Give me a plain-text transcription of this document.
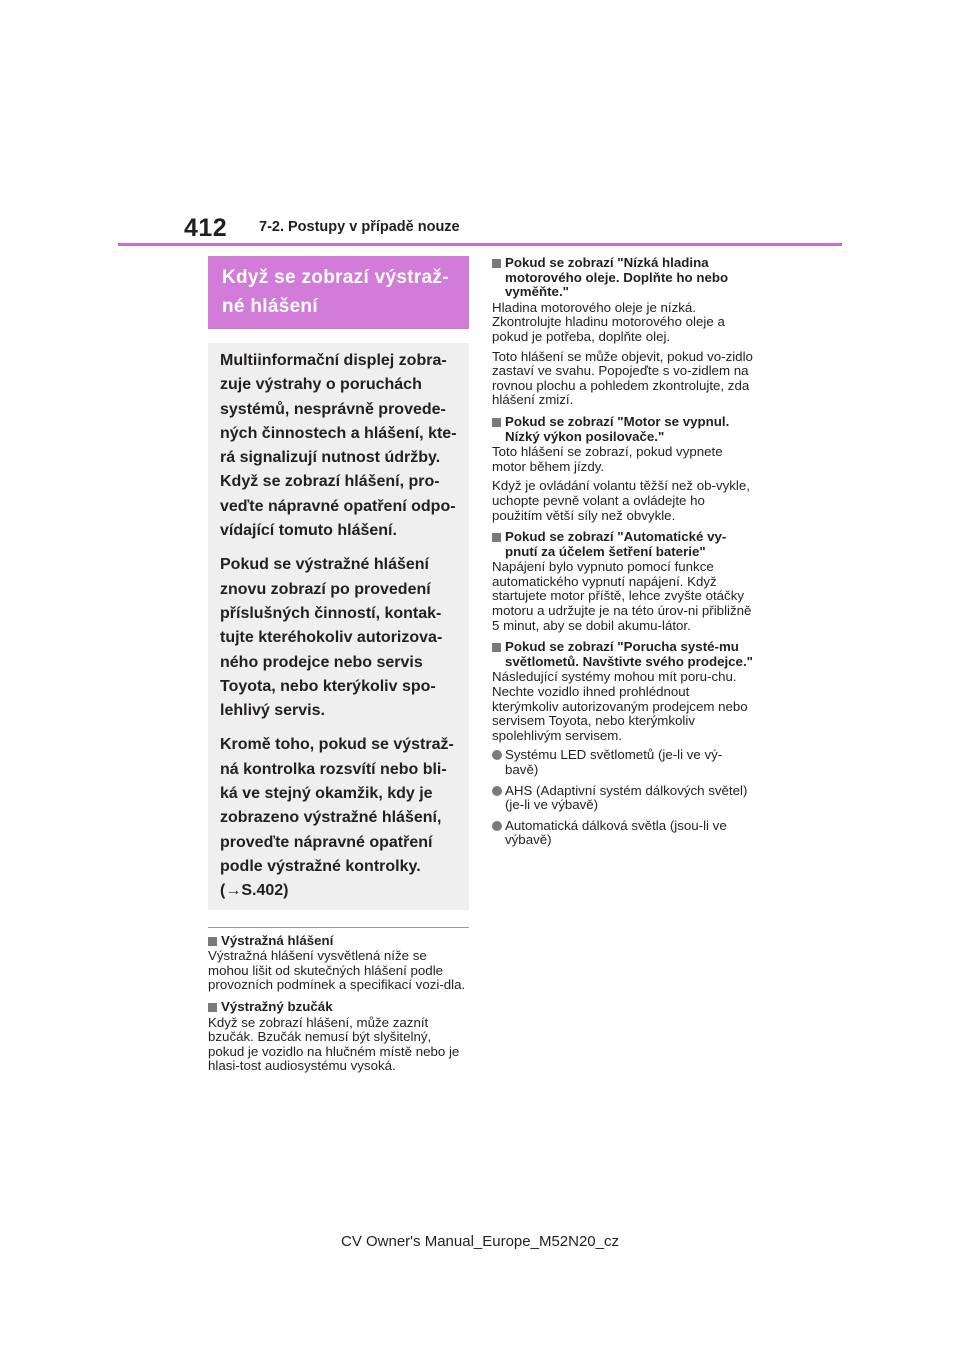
412 7-2. Postupy v případě nouze
Když se zobrazí výstraž-né hlášení

Multiinformační displej zobra-zuje výstrahy o poruchách systémů, nesprávně provede-ných činnostech a hlášení, kte-rá signalizují nutnost údržby. Když se zobrazí hlášení, pro-veďte nápravné opatření odpo-vídající tomuto hlášení.

Pokud se výstražné hlášení znovu zobrazí po provedení příslušných činností, kontak-tujte kteréhokoliv autorizova-ného prodejce nebo servis Toyota, nebo kterýkoliv spo-lehlivý servis.

Kromě toho, pokud se výstraž-ná kontrolka rozsvítí nebo bli-ká ve stejný okamžik, kdy je zobrazeno výstražné hlášení, proveďte nápravné opatření podle výstražné kontrolky. (→S.402)

Výstražná hlášení
Výstražná hlášení vysvětlená níže se mohou lišit od skutečných hlášení podle provozních podmínek a specifikací vozi-dla.
Výstražný bzučák
Když se zobrazí hlášení, může zaznít bzučák. Bzučák nemusí být slyšitelný, pokud je vozidlo na hlučném místě nebo je hlasi-tost audiosystému vysoká.
Pokud se zobrazí "Nízká hladina motorového oleje. Doplňte ho nebo vyměňte."
Hladina motorového oleje je nízká. Zkontrolujte hladinu motorového oleje a pokud je potřeba, doplňte olej.
Toto hlášení se může objevit, pokud vo-zidlo zastaví ve svahu. Popojeďte s vo-zidlem na rovnou plochu a pohledem zkontrolujte, zda hlášení zmizí.
Pokud se zobrazí "Motor se vypnul. Nízký výkon posilovače."
Toto hlášení se zobrazí, pokud vypnete motor během jízdy.
Když je ovládání volantu těžší než ob-vykle, uchopte pevně volant a ovládejte ho použitím větší síly než obvykle.
Pokud se zobrazí "Automatické vy-pnutí za účelem šetření baterie"
Napájení bylo vypnuto pomocí funkce automatického vypnutí napájení. Když startujete motor příště, lehce zvyšte otáčky motoru a udržujte je na této úrov-ni přibližně 5 minut, aby se dobil akumu-látor.
Pokud se zobrazí "Porucha systé-mu světlometů. Navštivte svého prodejce."
Následující systémy mohou mít poru-chu. Nechte vozidlo ihned prohlédnout kterýmkoliv autorizovaným prodejcem nebo servisem Toyota, nebo kterýmkoliv spolehlivým servisem.
Systému LED světlometů (je-li ve vý-bavě)
AHS (Adaptivní systém dálkových světel) (je-li ve výbavě)
Automatická dálková světla (jsou-li ve výbavě)
CV Owner's Manual_Europe_M52N20_cz
